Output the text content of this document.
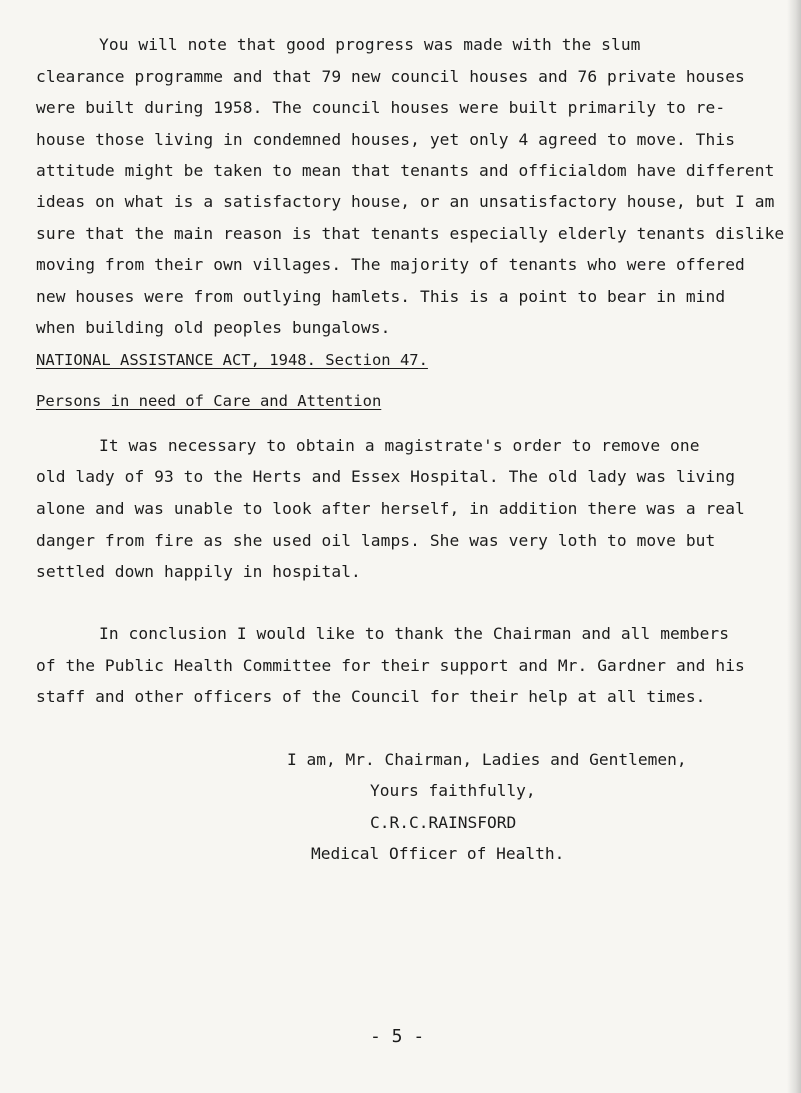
You will note that good progress was made with the slum
clearance programme and that 79 new council houses and 76 private houses
were built during 1958. The council houses were built primarily to re-
house those living in condemned houses, yet only 4 agreed to move. This
attitude might be taken to mean that tenants and officialdom have different
ideas on what is a satisfactory house, or an unsatisfactory house, but I am
sure that the main reason is that tenants especially elderly tenants dislike
moving from their own villages. The majority of tenants who were offered
new houses were from outlying hamlets. This is a point to bear in mind
when building old peoples bungalows.
NATIONAL ASSISTANCE ACT, 1948. Section 47.
Persons in need of Care and Attention
It was necessary to obtain a magistrate's order to remove one
old lady of 93 to the Herts and Essex Hospital. The old lady was living
alone and was unable to look after herself, in addition there was a real
danger from fire as she used oil lamps. She was very loth to move but
settled down happily in hospital.
In conclusion I would like to thank the Chairman and all members
of the Public Health Committee for their support and Mr. Gardner and his
staff and other officers of the Council for their help at all times.
I am, Mr. Chairman, Ladies and Gentlemen,
Yours faithfully,
C.R.C.RAINSFORD
Medical Officer of Health.
- 5 -
